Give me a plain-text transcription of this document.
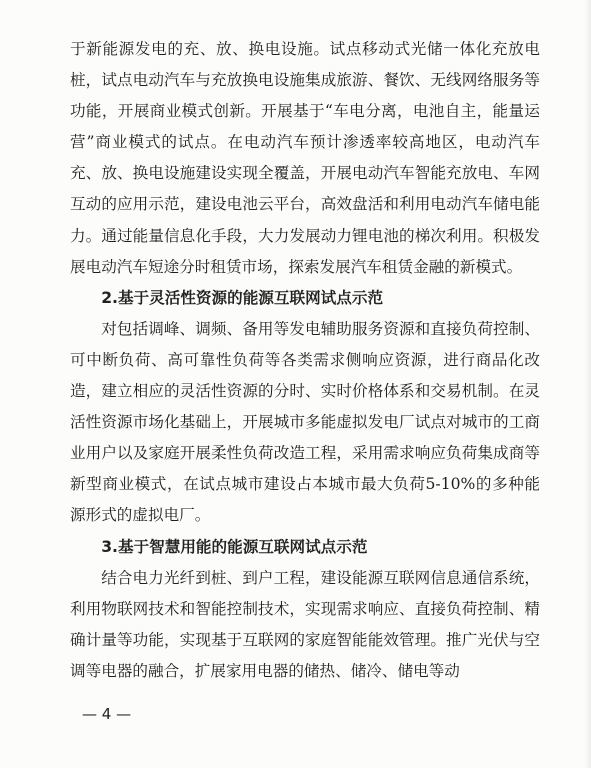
于新能源发电的充、放、换电设施。试点移动式光储一体化充放电桩，试点电动汽车与充放换电设施集成旅游、餐饮、无线网络服务等功能，开展商业模式创新。开展基于“车电分离，电池自主，能量运营”商业模式的试点。在电动汽车预计渗透率较高地区，电动汽车充、放、换电设施建设实现全覆盖，开展电动汽车智能充放电、车网互动的应用示范，建设电池云平台，高效盘活和利用电动汽车储电能力。通过能量信息化手段，大力发展动力锂电池的梯次利用。积极发展电动汽车短途分时租赁市场，探索发展汽车租赁金融的新模式。

2.基于灵活性资源的能源互联网试点示范

对包括调峰、调频、备用等发电辅助服务资源和直接负荷控制、可中断负荷、高可靠性负荷等各类需求侧响应资源，进行商品化改造，建立相应的灵活性资源的分时、实时价格体系和交易机制。在灵活性资源市场化基础上，开展城市多能虚拟发电厂试点对城市的工商业用户以及家庭开展柔性负荷改造工程，采用需求响应负荷集成商等新型商业模式，在试点城市建设占本城市最大负荷5-10%的多种能源形式的虚拟电厂。

3.基于智慧用能的能源互联网试点示范

结合电力光纤到桩、到户工程，建设能源互联网信息通信系统，利用物联网技术和智能控制技术，实现需求响应、直接负荷控制、精确计量等功能，实现基于互联网的家庭智能能效管理。推广光伏与空调等电器的融合，扩展家用电器的储热、储冷、储电等动

— 4 —
